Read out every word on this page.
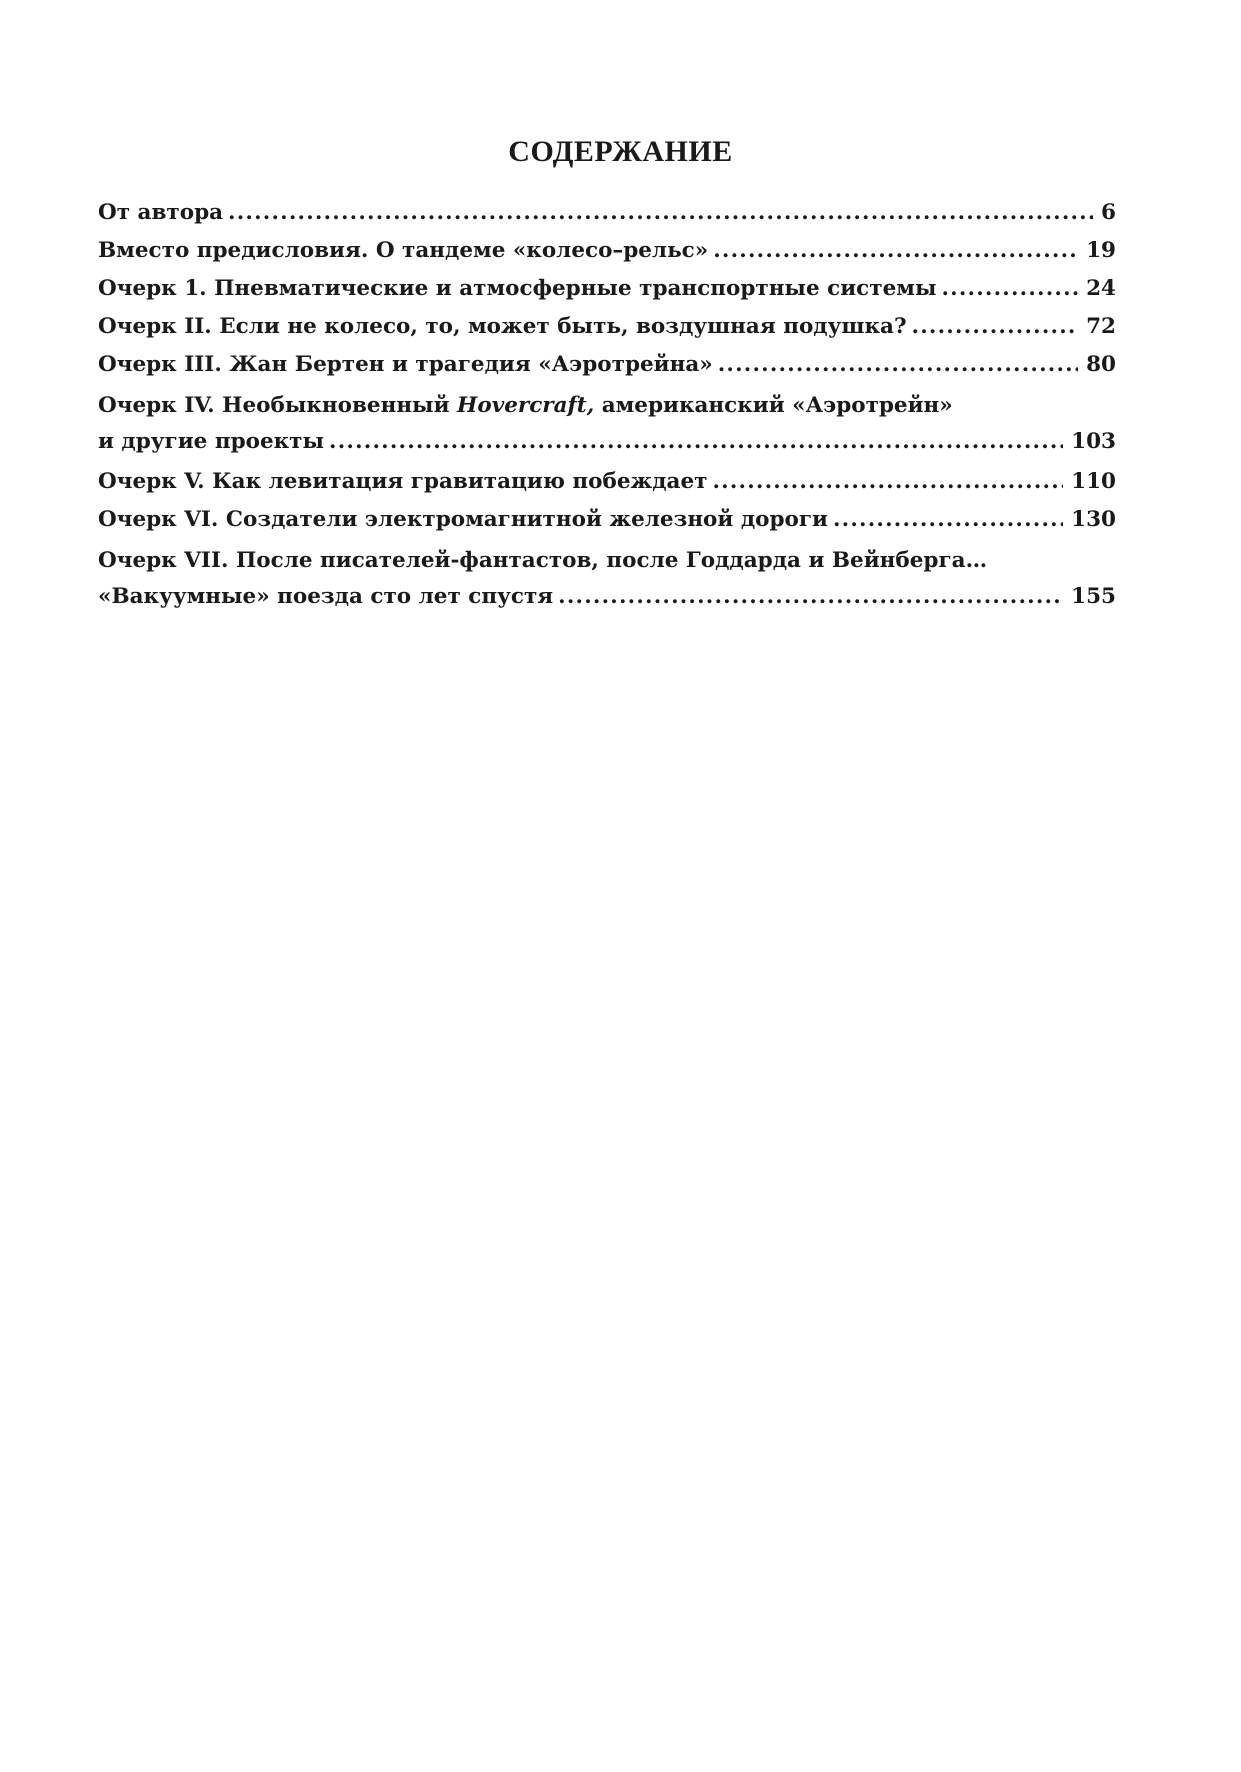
СОДЕРЖАНИЕ
От автора .....	6
Вместо предисловия. О тандеме «колесо–рельс» .....	19
Очерк 1. Пневматические и атмосферные транспортные системы .....	24
Очерк II. Если не колесо, то, может быть, воздушная подушка? .....	72
Очерк III. Жан Бертен и трагедия «Аэротрейна» .....	80
Очерк IV. Необыкновенный Hovercraft, американский «Аэротрейн»
и другие проекты .....	103
Очерк V. Как левитация гравитацию побеждает .....	110
Очерк VI. Создатели электромагнитной железной дороги .....	130
Очерк VII. После писателей-фантастов, после Годдарда и Вейнберга…
«Вакуумные» поезда сто лет спустя .....	155
